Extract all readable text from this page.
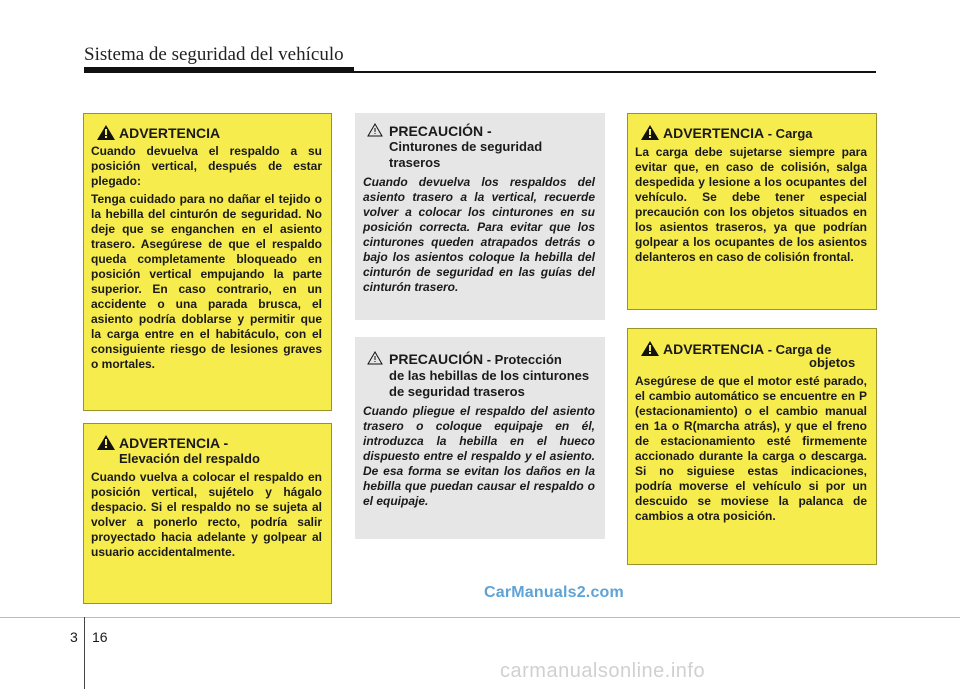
Sistema de seguridad del vehículo
ADVERTENCIA

Cuando devuelva el respaldo a su posición vertical, después de estar plegado:

Tenga cuidado para no dañar el tejido o la hebilla del cinturón de seguridad. No deje que se enganchen en el asiento trasero. Asegúrese de que el respaldo queda completamente bloqueado en posición vertical empujando la parte superior. En caso contrario, en un accidente o una parada brusca, el asiento podría doblarse y permitir que la carga entre en el habitáculo, con el consiguiente riesgo de lesiones graves o mortales.

ADVERTENCIA -
Elevación del respaldo
Cuando vuelva a colocar el respaldo en posición vertical, sujételo y hágalo despacio. Si el respaldo no se sujeta al volver a ponerlo recto, podría salir proyectado hacia adelante y golpear al usuario accidentalmente.
PRECAUCIÓN -
Cinturones de seguridad traseros
Cuando devuelva los respaldos del asiento trasero a la vertical, recuerde volver a colocar los cinturones en su posición correcta. Para evitar que los cinturones queden atrapados detrás o bajo los asientos coloque la hebilla del cinturón de seguridad en las guías del cinturón trasero.
PRECAUCIÓN - Protección
de las hebillas de los cinturones de seguridad traseros
Cuando pliegue el respaldo del asiento trasero o coloque equipaje en él, introduzca la hebilla en el hueco dispuesto entre el respaldo y el asiento. De esa forma se evitan los daños en la hebilla que puedan causar el respaldo o el equipaje.
ADVERTENCIA - Carga
La carga debe sujetarse siempre para evitar que, en caso de colisión, salga despedida y lesione a los ocupantes del vehículo. Se debe tener especial precaución con los objetos situados en los asientos traseros, ya que podrían golpear a los ocupantes de los asientos delanteros en caso de colisión frontal.
ADVERTENCIA - Carga de
objetos
Asegúrese de que el motor esté parado, el cambio automático se encuentre en P (estacionamiento) o el cambio manual en 1a o R(marcha atrás), y que el freno de estacionamiento esté firmemente accionado durante la carga o descarga. Si no siguiese estas indicaciones, podría moverse el vehículo si por un descuido se moviese la palanca de cambios a otra posición.
CarManuals2.com
3 16
carmanualsonline.info
